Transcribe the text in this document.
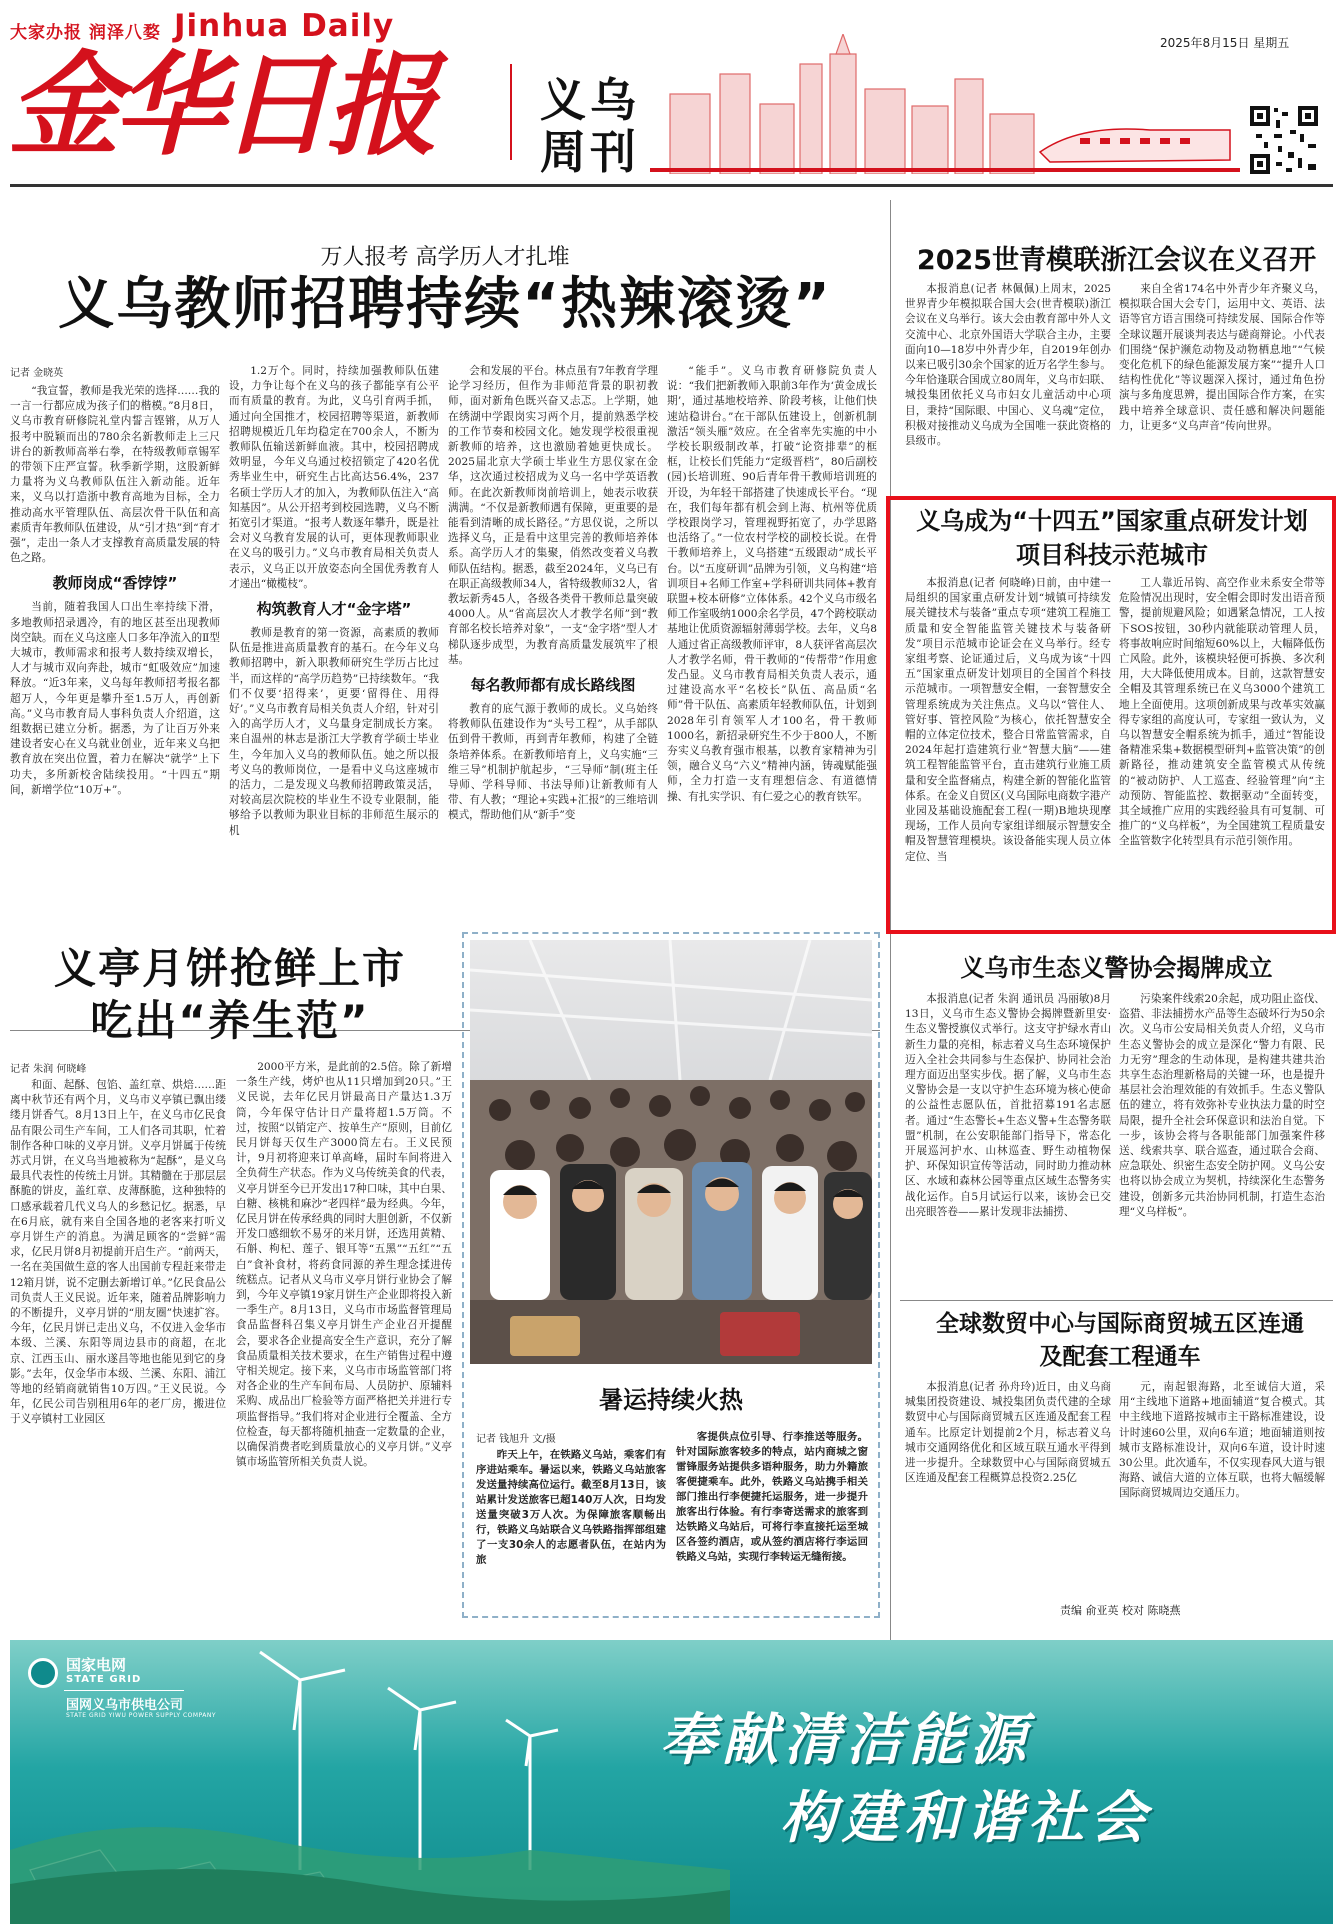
大家办报 润泽八婺 Jinhua Daily
金华日报 义乌
周刊
2025年8月15日 星期五
万人报考 高学历人才扎堆
义乌教师招聘持续“热辣滚烫”
记者 金晓英

“我宣誓，教师是我光荣的选择……我的一言一行都应成为孩子们的楷模。”8月8日，义乌市教育研修院礼堂内誓言铿锵，从万人报考中脱颖而出的780余名新教师走上三尺讲台的新教师高举右拳，在特级教师章锡军的带领下庄严宣誓。秋季新学期，这股新鲜力量将为义乌教师队伍注入新动能。近年来，义乌以打造浙中教育高地为目标，全力推动高水平管理队伍、高层次骨干队伍和高素质青年教师队伍建设，从“引才热”到“育才强”，走出一条人才支撑教育高质量发展的特色之路。

教师岗成“香饽饽”

当前，随着我国人口出生率持续下滑，多地教师招录遇冷，有的地区甚至出现教师岗空缺。而在义乌这座人口多年净流入的Ⅱ型大城市，教师需求和报考人数持续双增长，人才与城市双向奔赴，城市“虹吸效应”加速释放。“近3年来，义乌每年教师招考报名都超万人，今年更是攀升至1.5万人，再创新高。”义乌市教育局人事科负责人介绍道，这组数据已建立分析。据悉，为了让百万外来建设者安心在义乌就业创业，近年来义乌把教育放在突出位置，着力在解决“就学”上下功夫，多所新校舍陆续投用。“十四五”期间，新增学位“10万+”。

1.2万个。同时，持续加强教师队伍建设，力争让每个在义乌的孩子都能享有公平而有质量的教育。为此，义乌引育两手抓，通过向全国推才，校园招聘等渠道，新教师招聘规模近几年均稳定在700余人，不断为教师队伍输送新鲜血液。其中，校园招聘成效明显，今年义乌通过校招锁定了420名优秀毕业生中，研究生占比高达56.4%，237名硕士学历人才的加入，为教师队伍注入“高知基因”。从公开招考到校园选聘，义乌不断拓宽引才渠道。“报考人数逐年攀升，既是社会对义乌教育发展的认可，更体现教师职业在义乌的吸引力。”义乌市教育局相关负责人表示，义乌正以开放姿态向全国优秀教育人才递出“橄榄枝”。

构筑教育人才“金字塔”

教师是教育的第一资源，高素质的教师队伍是推进高质量教育的基石。在今年义乌教师招聘中，新入职教师研究生学历占比过半，而这样的“高学历趋势”已持续数年。“我们不仅要‘招得来’，更要‘留得住、用得好’。”义乌市教育局相关负责人介绍，针对引入的高学历人才，义乌量身定制成长方案。来自温州的林志是浙江大学教育学硕士毕业生，今年加入义乌的教师队伍。她之所以报考义乌的教师岗位，一是看中义乌这座城市的活力，二是发现义乌教师招聘政策灵活，对较高层次院校的毕业生不设专业限制，能够给予以教师为职业目标的非师范生展示的机

会和发展的平台。林点虽有7年教育学理论学习经历，但作为非师范背景的职初教师，面对新角色既兴奋又忐忑。上学期，她在绣湖中学跟岗实习两个月，提前熟悉学校的工作节奏和校园文化。她发现学校很重视新教师的培养，这也激励着她更快成长。2025届北京大学硕士毕业生方思仪家在金华，这次通过校招成为义乌一名中学英语教师。在此次新教师岗前培训上，她表示收获满满。“不仅是新教师遇有保障，更重要的是能看到清晰的成长路径。”方思仪说，之所以选择义乌，正是看中这里完善的教师培养体系。高学历人才的集聚，俏然改变着义乌教师队伍结构。据悉，截至2024年，义乌已有在职正高级教师34人，省特级教师32人，省教坛新秀45人，各级各类骨干教师总量突破4000人。从“省高层次人才教学名师”到“教育部名校长培养对象”，一支“金字塔”型人才梯队逐步成型，为教育高质量发展筑牢了根基。

每名教师都有成长路线图

教育的底气源于教师的成长。义乌始终将教师队伍建设作为“头号工程”，从手部队伍到骨干教师，再到青年教师，构建了全链条培养体系。在新教师培育上，义乌实施“三维三导”机制护航起步，“三导师”制(班主任导师、学科导师、书法导师)让新教师有人带、有人教；“理论+实践+汇报”的三维培训模式，帮助他们从“新手”变

“能手”。义乌市教育研修院负责人说：“我们把新教师入职前3年作为‘黄金成长期’，通过基地校培养、阶段考核，让他们快速站稳讲台。”在干部队伍建设上，创新机制激活“领头雁”效应。在全省率先实施的中小学校长职级制改革，打破“论资排辈”的框框，让校长们凭能力“定级晋档”，80后副校(园)长培训班、90后青年骨干教师培训班的开设，为年轻干部搭建了快速成长平台。“现在，我们每年都有机会到上海、杭州等优质学校跟岗学习，管理视野拓宽了，办学思路也活络了。”一位农村学校的副校长说。在骨干教师培养上，义乌搭建“五级跟动”成长平台。以“五度研训”品牌为引领，义乌构建“培训项目+名师工作室+学科研训共同体+教育联盟+校本研修”立体体系。42个义乌市级名师工作室吸纳1000余名学员，47个跨校联动基地让优质资源辐射薄弱学校。去年，义乌8人通过省正高级教师评审，8人获评省高层次人才教学名师，骨干教师的“传帮带”作用愈发凸显。义乌市教育局相关负责人表示，通过建设高水平“名校长”队伍、高品质“名师”骨干队伍、高素质年轻教师队伍，计划到2028年引育领军人才100名，骨干教师1000名，新招录研究生不少于800人，不断夯实义乌教育强市根基，以教育家精神为引领，融合义乌“六义”精神内涵，铸魂赋能强师，全力打造一支有理想信念、有道德情操、有扎实学识、有仁爱之心的教育铁军。

2025世青模联浙江会议在义召开

本报消息(记者 林佩佩)上周末，2025世界青少年模拟联合国大会(世青模联)浙江会议在义乌举行。该大会由教育部中外人文交流中心、北京外国语大学联合主办，主要面向10—18岁中外青少年，自2019年创办以来已吸引30余个国家的近万名学生参与。今年恰逢联合国成立80周年，义乌市妇联、城投集团依托义乌市妇女儿童活动中心项目，秉持“国际眼、中国心、义乌魂”定位，积极对接推动义乌成为全国唯一获此资格的县级市。

来自全省174名中外青少年齐聚义乌，模拟联合国大会专门，运用中文、英语、法语等官方语言围绕可持续发展、国际合作等全球议题开展谈判表达与磋商辩论。小代表们围绕“保护濒危动物及动物栖息地”“气候变化危机下的绿色能源发展方案”“提升人口结构性优化”等议题深入探讨，通过角色扮演与多角度思辨，提出国际合作方案，在实践中培养全球意识、责任感和解决问题能力，让更多“义乌声音”传向世界。

义乌成为“十四五”国家重点研发计划项目科技示范城市

本报消息(记者 何晓峰)日前，由中建一局组织的国家重点研发计划“城镇可持续发展关键技术与装备”重点专项“建筑工程施工质量和安全智能监管关键技术与装备研发”项目示范城市论证会在义乌举行。经专家组考察、论证通过后，义乌成为该“十四五”国家重点研发计划项目的全国首个科技示范城市。一项智慧安全帽，一套智慧安全管理系统成为关注焦点。义乌以“管住人、管好事、管控风险”为核心，依托智慧安全帽的立体定位技术，整合日常监管需求，自2024年起打造建筑行业“智慧大脑”——建筑工程智能监管平台，直击建筑行业施工质量和安全监督痛点，构建全新的智能化监管体系。在金义自贸区(义乌国际电商数字港产业园及基础设施配套工程(一期)B地块现摩现场，工作人员向专家组详细展示智慧安全帽及智慧管理模块。该设备能实现人员立体定位、当

工人靠近吊钩、高空作业未系安全带等危险情况出现时，安全帽会即时发出语音预警，提前规避风险；如遇紧急情况，工人按下SOS按钮，30秒内就能联动管理人员，将事故响应时间缩短60%以上，大幅降低伤亡风险。此外，该模块轻便可拆换、多次利用，大大降低使用成本。目前，这款智慧安全帽及其管理系统已在义乌3000个建筑工地上全面使用。这项创新成果与改革实效赢得专家组的高度认可，专家组一致认为，义乌以智慧安全帽系统为抓手，通过“智能设备精准采集+数据模型研判+监管决策”的创新路径，推动建筑安全监管模式从传统的“被动防护、人工巡查、经验管理”向“主动预防、智能监控、数据驱动”全面转变，其全域推广应用的实践经验具有可复制、可推广的“义乌样板”，为全国建筑工程质量安全监管数字化转型具有示范引领作用。

义乌市生态义警协会揭牌成立

本报消息(记者 朱润 通讯员 冯丽敏)8月13日，义乌市生态义警协会揭牌暨新里安·生态义警授旗仪式举行。这支守护绿水青山新生力量的亮相，标志着义乌生态环境保护迈入全社会共同参与生态保护、协同社会治理方面迈出坚实步伐。据了解，义乌市生态义警协会是一支以守护生态环境为核心使命的公益性志愿队伍，首批招募191名志愿者。通过“生态警长+生态义警+生态警务联盟”机制，在公安职能部门指导下，常态化开展巡河护水、山林巡查、野生动植物保护、环保知识宣传等活动，同时助力推动林区、水域和森林公园等重点区域生态警务实战化运作。自5月试运行以来，该协会已交出亮眼答卷——累计发现非法捕捞、

污染案件线索20余起，成功阻止盗伐、盗猎、非法捕捞水产品等生态破坏行为50余次。义乌市公安局相关负责人介绍，义乌市生态义警协会的成立是深化“警力有限、民力无穷”理念的生动体现，是构建共建共治共享生态治理新格局的关键一环，也是提升基层社会治理效能的有效抓手。生态义警队伍的建立，将有效弥补专业执法力量的时空局限，提升全社会环保意识和法治自觉。下一步，该协会将与各职能部门加强案件移送、线索共享、联合巡查，通过联合会商、应急联处、织密生态安全防护网。义乌公安也将以协会成立为契机，持续深化生态警务建设，创新多元共治协同机制，打造生态治理“义乌样板”。

全球数贸中心与国际商贸城五区连通及配套工程通车

本报消息(记者 孙舟玲)近日，由义乌商城集团投资建设、城投集团负责代建的全球数贸中心与国际商贸城五区连通及配套工程通车。比原定计划提前2个月，标志着义乌城市交通网络优化和区域互联互通水平得到进一步提升。全球数贸中心与国际商贸城五区连通及配套工程概算总投资2.25亿

元，南起银海路，北至诚信大道，采用“主线地下道路+地面辅道”复合模式。其中主线地下道路按城市主干路标准建设，设计时速60公里，双向6车道；地面辅道则按城市支路标准设计，双向6车道，设计时速30公里。此次通车，不仅实现春风大道与银海路、诚信大道的立体互联，也将大幅缓解国际商贸城周边交通压力。

责编 俞亚英 校对 陈晓燕
义亭月饼抢鲜上市
吃出“养生范”
记者 朱润 何晓峰

和面、起酥、包馅、盖红章、烘焙……距离中秋节还有两个月，义乌市义亭镇已飘出缕缕月饼香气。8月13日上午，在义乌市亿民食品有限公司生产车间，工人们各司其职，忙着制作各种口味的义亭月饼。义亭月饼属于传统苏式月饼，在义乌当地被称为“起酥”，是义乌最具代表性的传统土月饼。其精髓在于那层层酥脆的饼皮，盖红章、皮薄酥脆，这种独特的口感承载着几代义乌人的乡愁记忆。据悉，早在6月底，就有来自全国各地的老客来打听义亭月饼生产的消息。为满足顾客的“尝鲜”需求，亿民月饼8月初提前开启生产。“前两天，一名在美国做生意的客人出国前专程赶来带走12箱月饼，说不定删去新增订单。”亿民食品公司负责人王义民说。近年来，随着品牌影响力的不断提升，义亭月饼的“朋友圈”快速扩容。今年，亿民月饼已走出义乌，不仅进入金华市本级、兰溪、东阳等周边县市的商超，在北京、江西玉山、丽水遂昌等地也能见到它的身影。”去年，仅金华市本级、兰溪、东阳、浦江等地的经销商就销售10万四。”王义民说。今年，亿民公司告别租用6年的老厂房，搬进位于义亭镇村工业园区

2000平方米，是此前的2.5倍。除了新增一条生产线，烤炉也从11只增加到20只。”王义民说，去年亿民月饼最高日产量达1.3万筒，今年保守估计日产量将超1.5万筒。不过，按照“以销定产、按单生产”原则，目前亿民月饼每天仅生产3000筒左右。王义民预计，9月初将迎来订单高峰，届时车间将进入全负荷生产状态。作为义乌传统美食的代表，义亭月饼至今已开发出17种口味，其中白果、白糖、核桃和麻沙“老四样”最为经典。今年，亿民月饼在传承经典的同时大胆创新，不仅新开发口感细软不易牙的米月饼，还选用黄精、石斛、枸杞、莲子、银耳等“五黑”“五红”“五白”食补食材，将药食同源的养生理念揉进传统糕点。记者从义乌市义亭月饼行业协会了解到，今年义亭镇19家月饼生产企业即将投入新一季生产。8月13日，义乌市市场监督管理局食品监督科召集义亭月饼生产企业召开提醒会，要求各企业提高安全生产意识，充分了解食品质量相关技术要求，在生产销售过程中遵守相关规定。接下来，义乌市市场监管部门将对各企业的生产车间布局、人员防护、原辅料采购、成品出厂检验等方面严格把关并进行专项监督指导。”我们将对企业进行全覆盖、全方位检查，每天都将随机抽查一定数量的企业，以确保消费者吃到质量放心的义亭月饼。”义亭镇市场监管所相关负责人说。

暑运持续火热
记者 钱旭升 文/摄

昨天上午，在铁路义乌站，乘客们有序进站乘车。暑运以来，铁路义乌站旅客发送量持续高位运行。截至8月13日，该站累计发送旅客已超140万人次，日均发送量突破3万人次。为保障旅客顺畅出行，铁路义乌站联合义乌铁路指挥部组建了一支30余人的志愿者队伍，在站内为旅

客提供点位引导、行李推送等服务。针对国际旅客较多的特点，站内商城之窗雷锋服务站提供多语种服务，助力外籍旅客便捷乘车。此外，铁路义乌站携手相关部门推出行李便捷托运服务，进一步提升旅客出行体验。有行李寄送需求的旅客到达铁路义乌站后，可将行李直接托运至城区各签约酒店，或从签约酒店将行李运回铁路义乌站，实现行李转运无缝衔接。

国家电网
STATE GRID
国网义乌市供电公司
STATE GRID YIWU POWER SUPPLY COMPANY	奉献清洁能源
构建和谐社会
